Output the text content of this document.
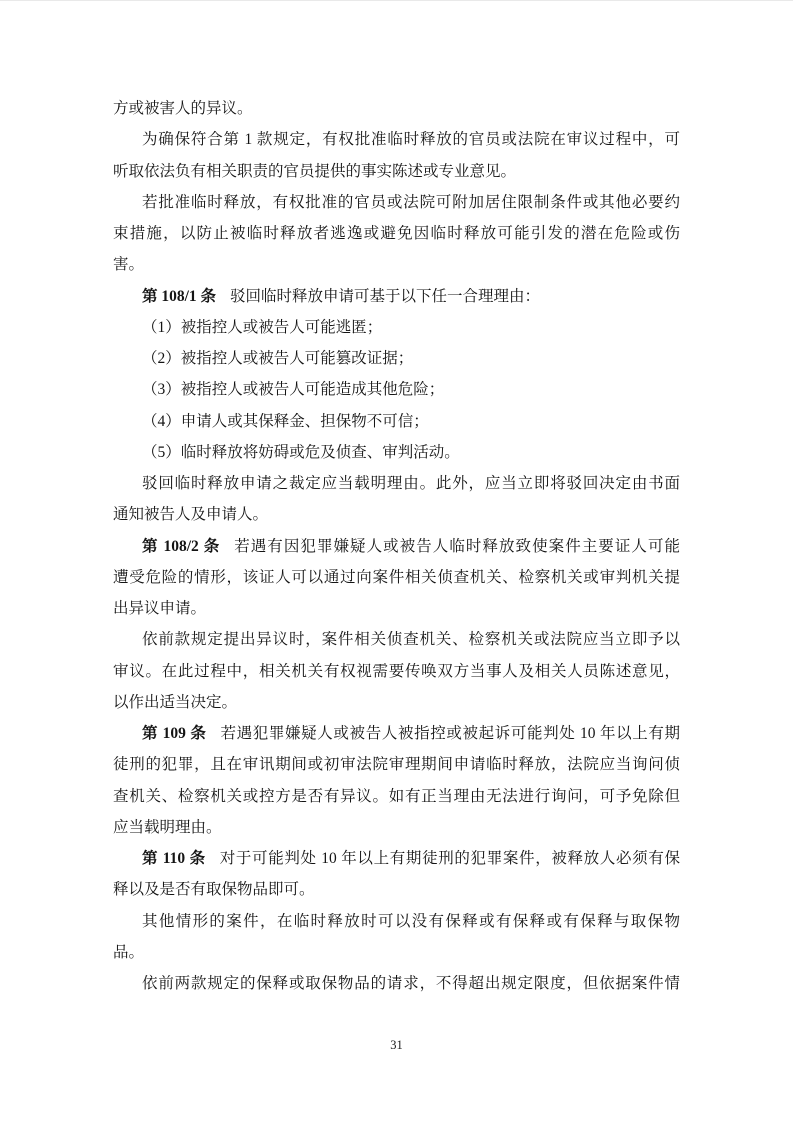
方或被害人的异议。
为确保符合第 1 款规定，有权批准临时释放的官员或法院在审议过程中，可
听取依法负有相关职责的官员提供的事实陈述或专业意见。
若批准临时释放，有权批准的官员或法院可附加居住限制条件或其他必要约
束措施，以防止被临时释放者逃逸或避免因临时释放可能引发的潜在危险或伤
害。
第 108/1 条 驳回临时释放申请可基于以下任一合理理由：
（1）被指控人或被告人可能逃匿；
（2）被指控人或被告人可能篡改证据；
（3）被指控人或被告人可能造成其他危险；
（4）申请人或其保释金、担保物不可信；
（5）临时释放将妨碍或危及侦查、审判活动。
驳回临时释放申请之裁定应当载明理由。此外，应当立即将驳回决定由书面
通知被告人及申请人。
第 108/2 条 若遇有因犯罪嫌疑人或被告人临时释放致使案件主要证人可能
遭受危险的情形，该证人可以通过向案件相关侦查机关、检察机关或审判机关提
出异议申请。
依前款规定提出异议时，案件相关侦查机关、检察机关或法院应当立即予以
审议。在此过程中，相关机关有权视需要传唤双方当事人及相关人员陈述意见，
以作出适当决定。
第 109 条 若遇犯罪嫌疑人或被告人被指控或被起诉可能判处 10 年以上有期
徒刑的犯罪，且在审讯期间或初审法院审理期间申请临时释放，法院应当询问侦
查机关、检察机关或控方是否有异议。如有正当理由无法进行询问，可予免除但
应当载明理由。
第 110 条 对于可能判处 10 年以上有期徒刑的犯罪案件，被释放人必须有保
释以及是否有取保物品即可。
其他情形的案件，在临时释放时可以没有保释或有保释或有保释与取保物
品。
依前两款规定的保释或取保物品的请求，不得超出规定限度，但依据案件情
31
